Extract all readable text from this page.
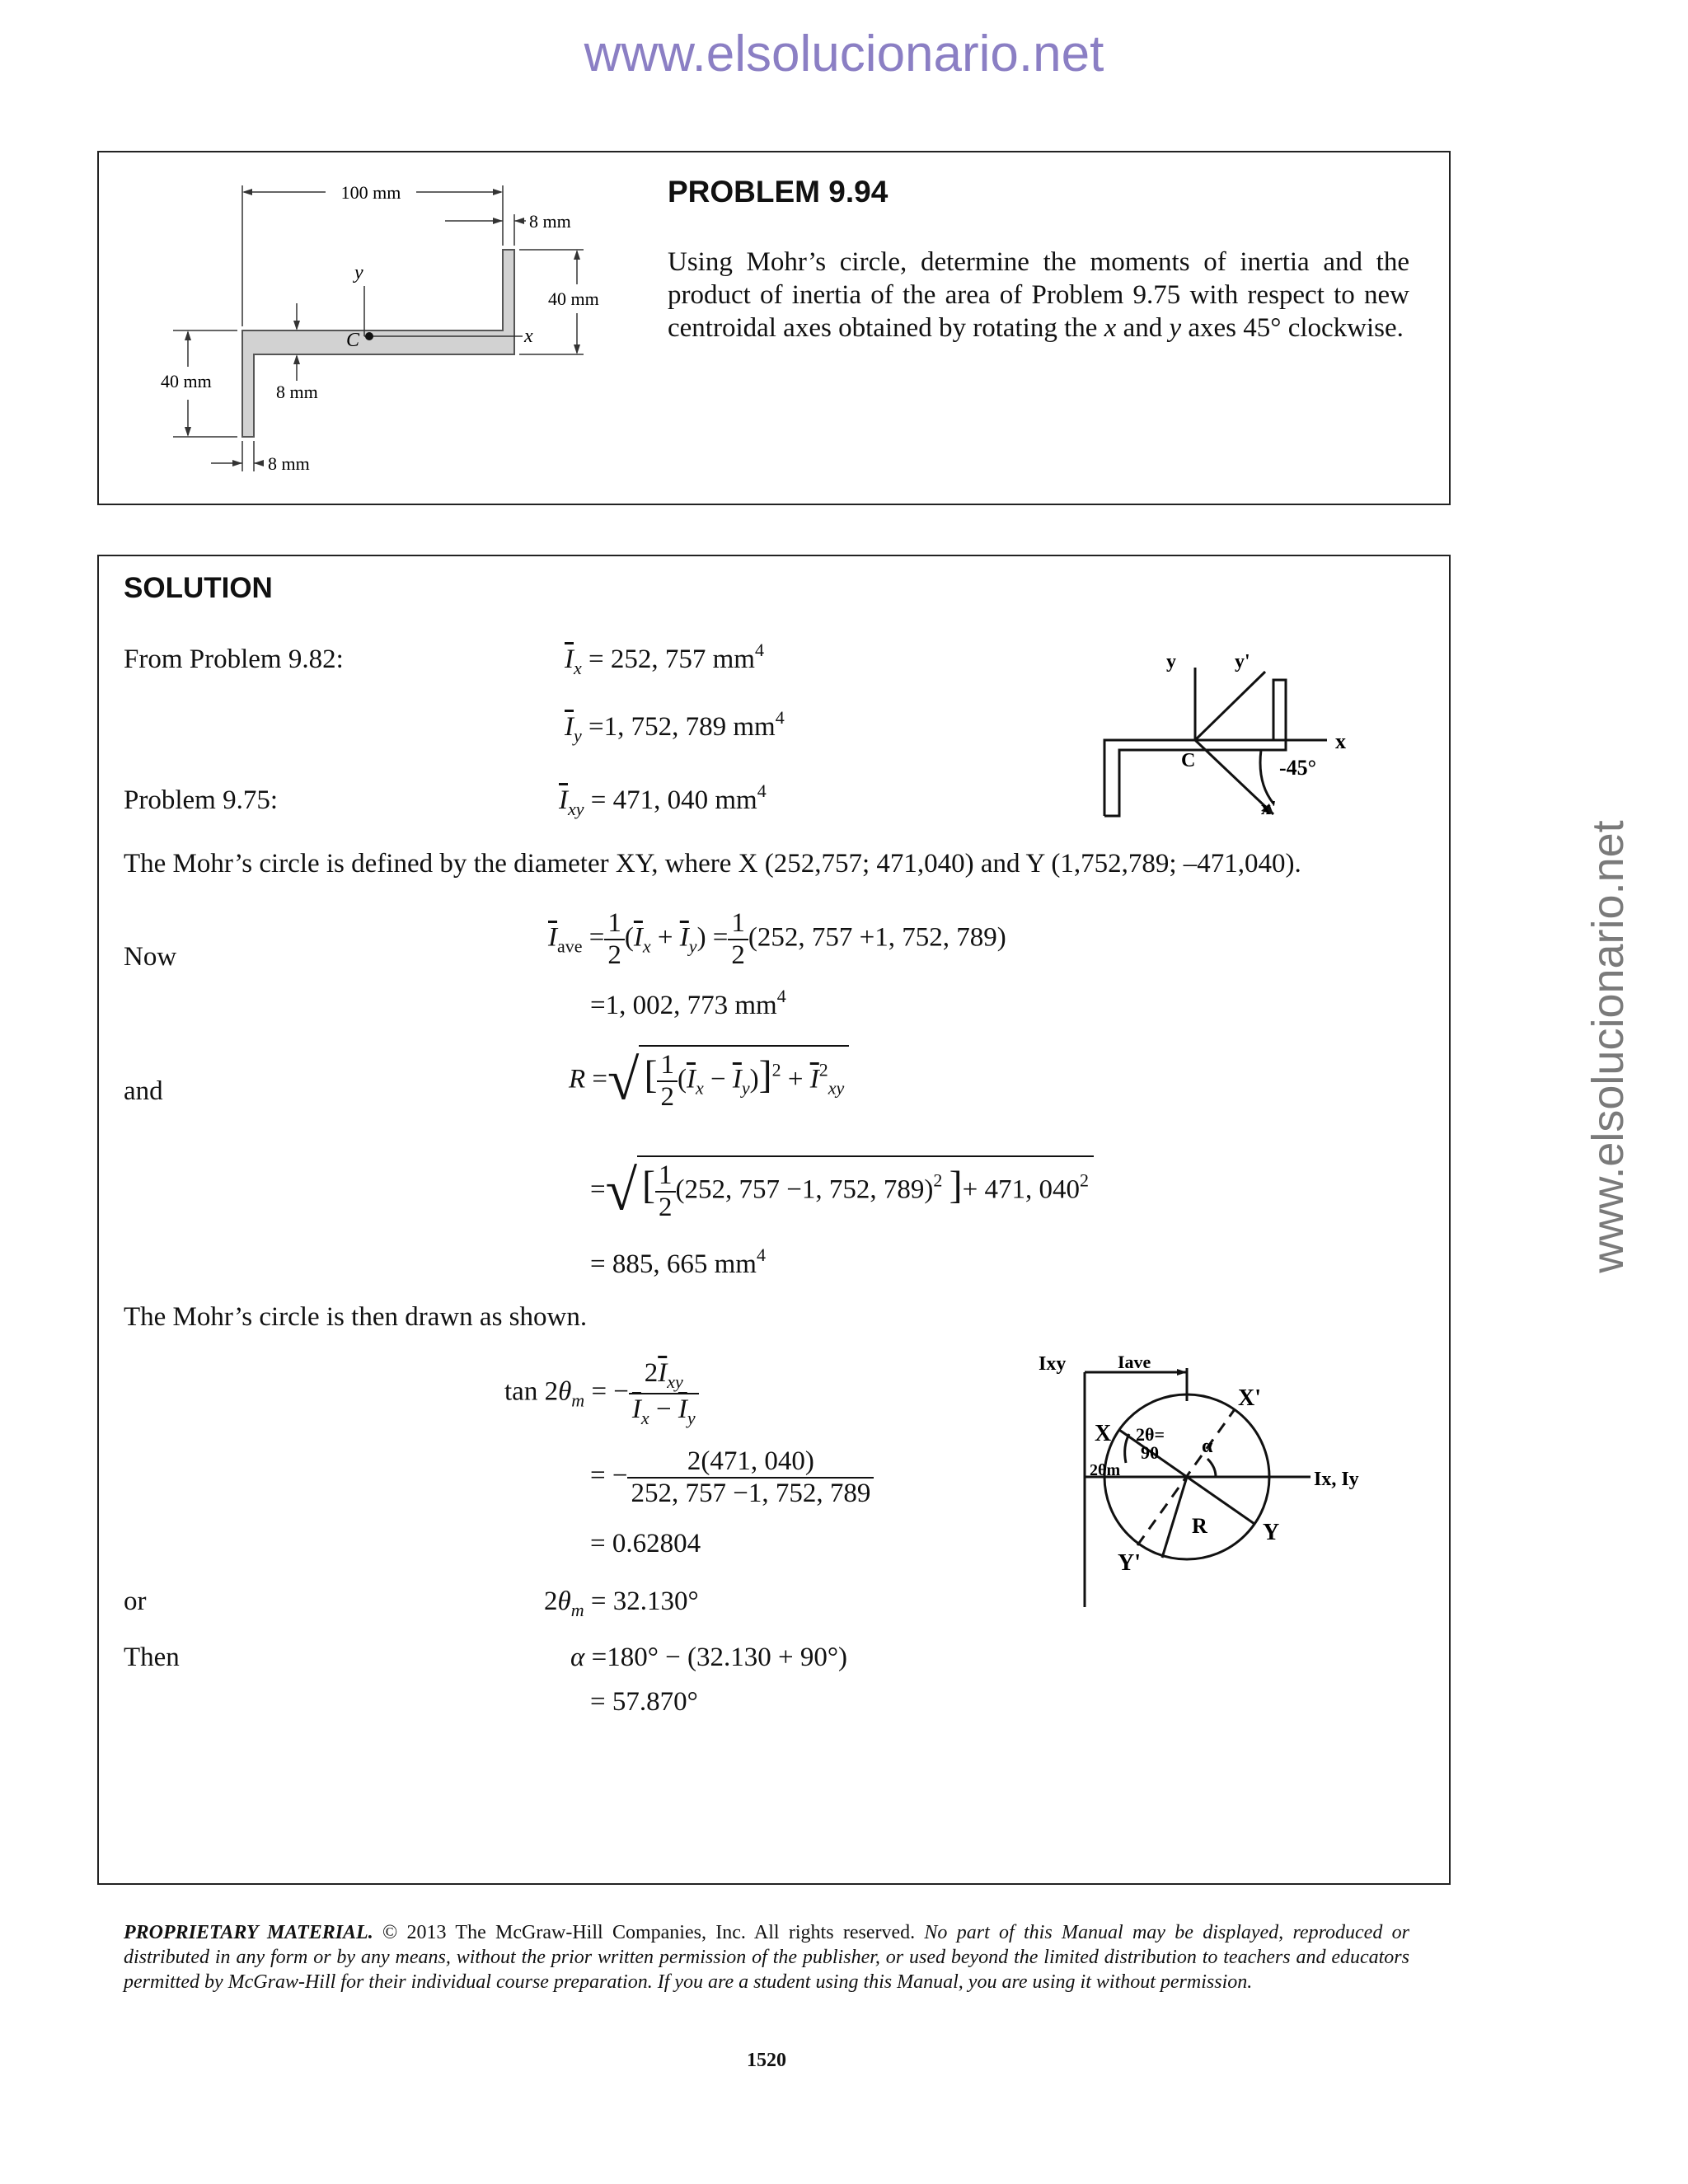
www.elsolucionario.net
www.elsolucionario.net
100 mm
8 mm
40 mm
y
x
C
8 mm
40 mm
8 mm
PROBLEM 9.94
Using Mohr’s circle, determine the moments of inertia and the product of inertia of the area of Problem 9.75 with respect to new centroidal axes obtained by rotating the x and y axes 45° clockwise.
SOLUTION
From Problem 9.82:	$\overline{I}_x = 252$, 757 $mm^4$
$\overline{I}_y =1$, 752, 789 $mm^4$
Problem 9.75:	$\overline{I}_{xy} = 471$, 040 $mm^4$
y	y'
x
C	-45°
x'
The Mohr’s circle is defined by the diameter XY, where X (252,757; 471,040) and Y (1,752,789; –471,040).
Now
$\overline{I}_{ave} = \frac{1}{2} (\overline{I}_x + \overline{I}_y) = \frac{1}{2} (252$, 757 +1, 752, 789)
=1, 002, 773 $mm^4$
and	R =√ [ $\frac{1}{2} (\overline{I}_x - \overline{I}_y)]^2 + \overline{I}^2_{xy}$
=√ [ $\frac{1}{2} (252$, 757 −1, 752, 789)$^2$ ]+ 471, $040^2$
= 885, 665 $mm^4$
The Mohr’s circle is then drawn as shown.
$\tan 2\theta_m$ = − $\frac{2\overline{I}_{xy}}{\overline{I}_x - \overline{I}_y}$
= − $\frac{2(471, 040)}{252, 757 -1, 752, 789}$
= 0.62804
or	$2\theta_m = 32.130^\circ$
Then	α =180° − (32.130 + 90°)
= 57.870°
Ixy	Iave
X'
X 2θ=
90
2θm
α
Ix, Iy
R Y
Y'
PROPRIETARY MATERIAL. © 2013 The McGraw-Hill Companies, Inc. All rights reserved. No part of this Manual may be displayed, reproduced or distributed in any form or by any means, without the prior written permission of the publisher, or used beyond the limited distribution to teachers and educators permitted by McGraw-Hill for their individual course preparation. If you are a student using this Manual, you are using it without permission.
1520
